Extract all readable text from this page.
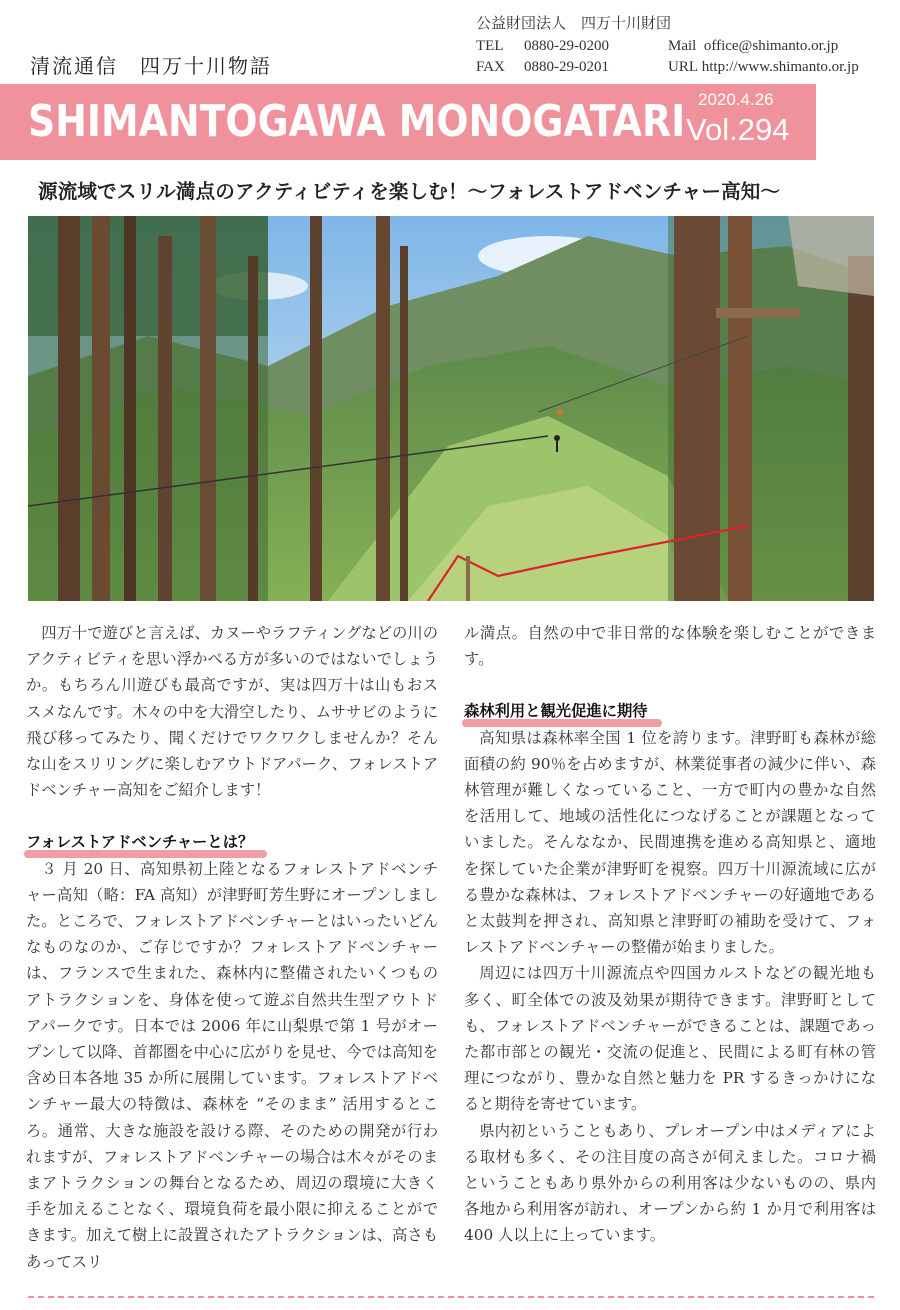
公益財団法人　四万十川財団
TEL 0880-29-0200	Mail office@shimanto.or.jp
FAX 0880-29-0201	URL http://www.shimanto.or.jp
清流通信　四万十川物語
SHIMANTOGAWA MONOGATARI 2020.4.26
Vol.294
源流域でスリル満点のアクティビティを楽しむ！～フォレストアドベンチャー高知～

四万十で遊びと言えば、カヌーやラフティングなどの川のアクティビティを思い浮かべる方が多いのではないでしょうか。もちろん川遊びも最高ですが、実は四万十は山もおススメなんです。木々の中を大滑空したり、ムササビのように飛び移ってみたり、聞くだけでワクワクしませんか？そんな山をスリリングに楽しむアウトドアパーク、フォレストアドベンチャー高知をご紹介します！

フォレストアドベンチャーとは？

３ 月 20 日、高知県初上陸となるフォレストアドベンチャー高知（略：FA 高知）が津野町芳生野にオープンしました。ところで、フォレストアドベンチャーとはいったいどんなものなのか、ご存じですか？フォレストアドベンチャーは、フランスで生まれた、森林内に整備されたいくつものアトラクションを、身体を使って遊ぶ自然共生型アウトドアパークです。日本では 2006 年に山梨県で第 1 号がオープンして以降、首都圏を中心に広がりを見せ、今では高知を含め日本各地 35 か所に展開しています。フォレストアドベンチャー最大の特徴は、森林を “そのまま” 活用するところ。通常、大きな施設を設ける際、そのための開発が行われますが、フォレストアドベンチャーの場合は木々がそのままアトラクションの舞台となるため、周辺の環境に大きく手を加えることなく、環境負荷を最小限に抑えることができます。加えて樹上に設置されたアトラクションは、高さもあってスリ

ル満点。自然の中で非日常的な体験を楽しむことができます。

森林利用と観光促進に期待

高知県は森林率全国 1 位を誇ります。津野町も森林が総面積の約 90％を占めますが、林業従事者の減少に伴い、森林管理が難しくなっていること、一方で町内の豊かな自然を活用して、地域の活性化につなげることが課題となっていました。そんななか、民間連携を進める高知県と、適地を探していた企業が津野町を視察。四万十川源流域に広がる豊かな森林は、フォレストアドベンチャーの好適地であると太鼓判を押され、高知県と津野町の補助を受けて、フォレストアドベンチャーの整備が始まりました。

周辺には四万十川源流点や四国カルストなどの観光地も多く、町全体での波及効果が期待できます。津野町としても、フォレストアドベンチャーができることは、課題であった都市部との観光・交流の促進と、民間による町有林の管理につながり、豊かな自然と魅力を PR するきっかけになると期待を寄せています。

県内初ということもあり、プレオープン中はメディアによる取材も多く、その注目度の高さが伺えました。コロナ禍ということもあり県外からの利用客は少ないものの、県内各地から利用客が訪れ、オープンから約 1 か月で利用客は 400 人以上に上っています。
